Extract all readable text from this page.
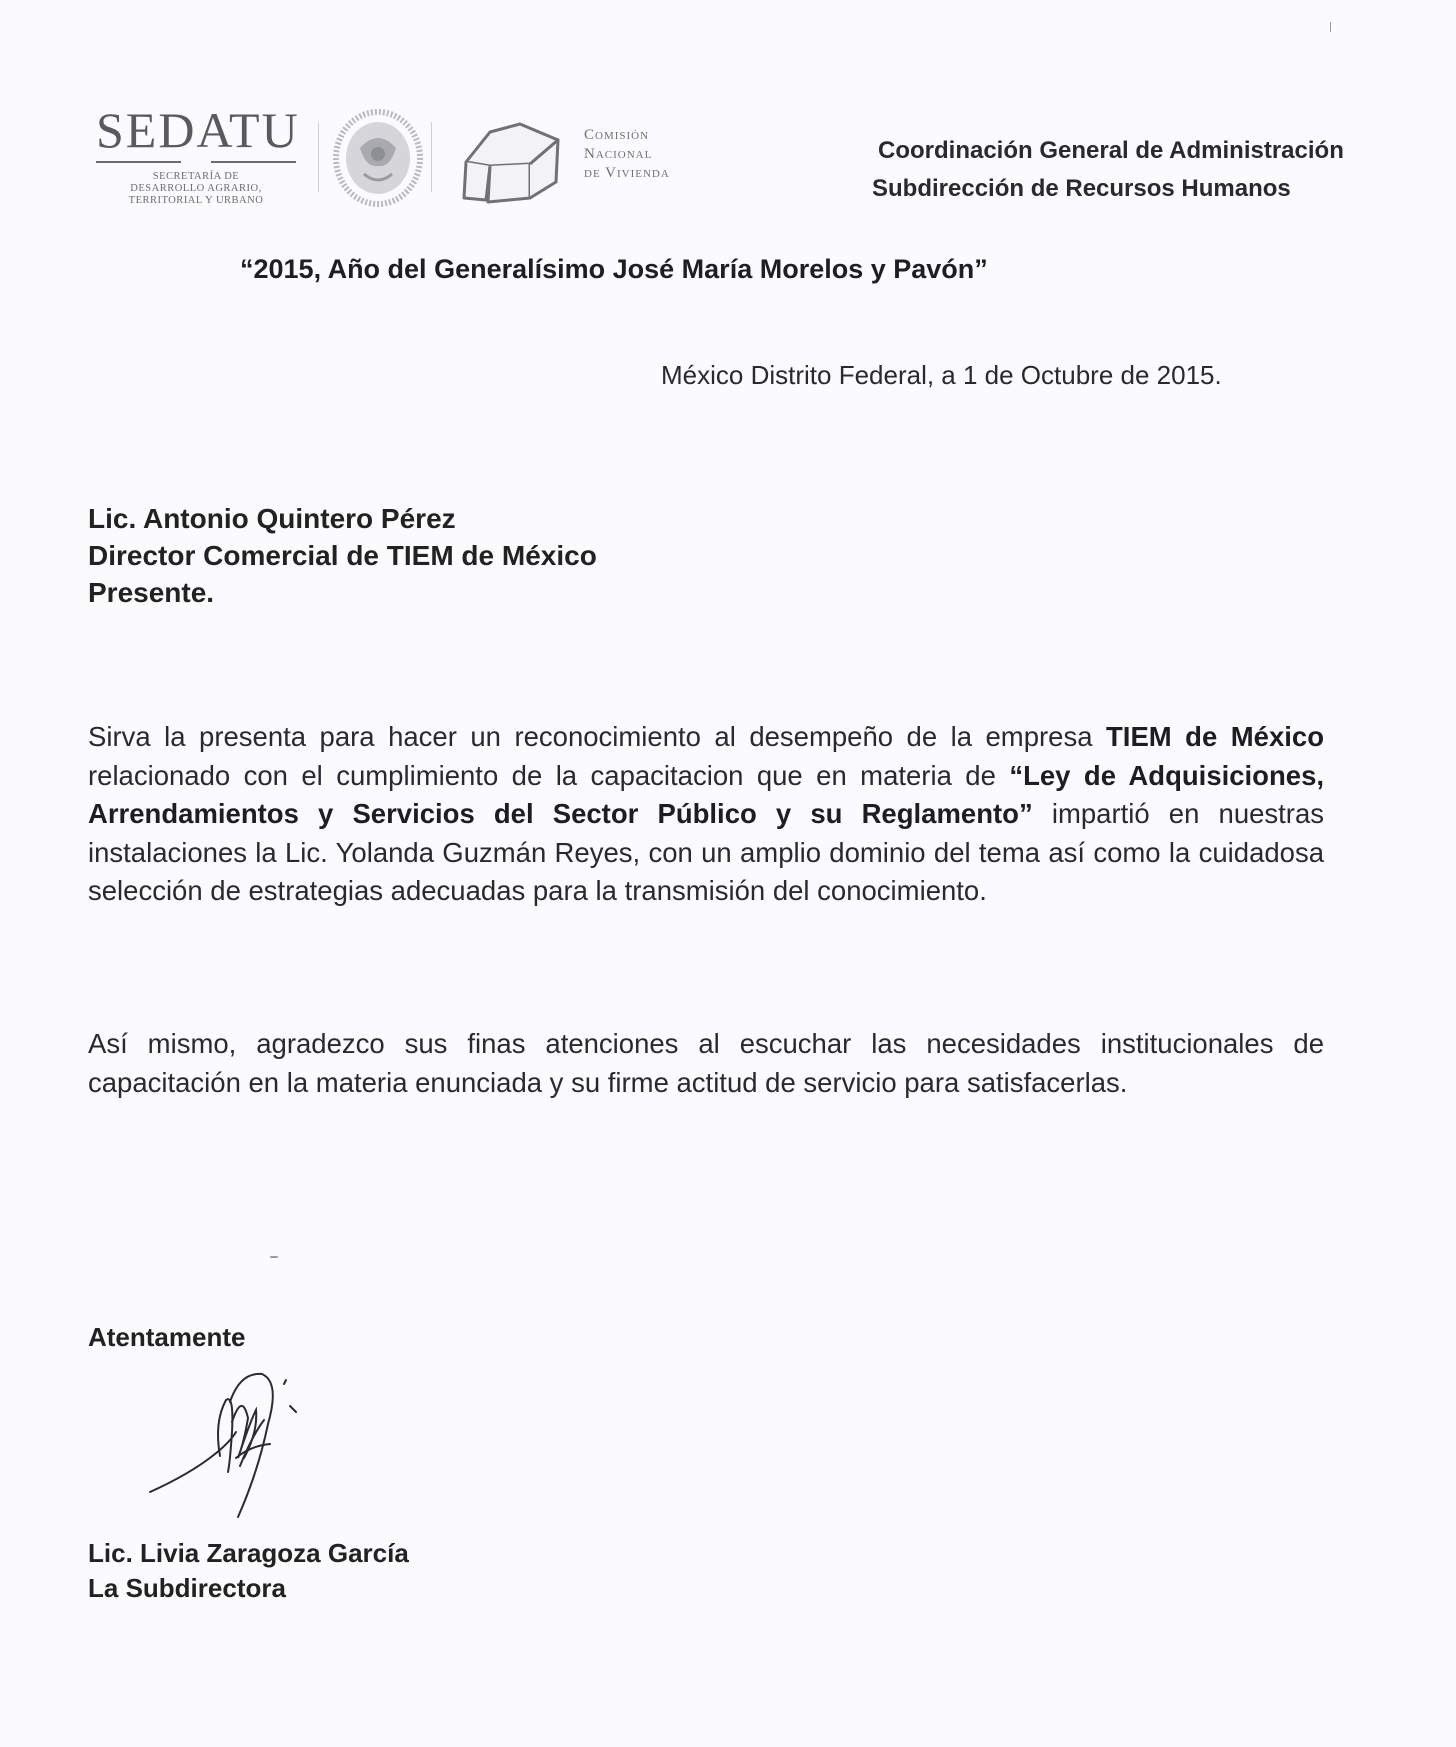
SEDATU
SECRETARÍA DE
DESARROLLO AGRARIO,
TERRITORIAL Y URBANO
Comisión
Nacional
de Vivienda
Coordinación General de Administración
Subdirección de Recursos Humanos
“2015, Año del Generalísimo José María Morelos y Pavón”
México Distrito Federal, a 1 de Octubre de 2015.
Lic. Antonio Quintero Pérez
Director Comercial de TIEM de México
Presente.
Sirva la presenta para hacer un reconocimiento al desempeño de la empresa TIEM de México relacionado con el cumplimiento de la capacitacion que en materia de “Ley de Adquisiciones, Arrendamientos y Servicios del Sector Público y su Reglamento” impartió en nuestras instalaciones la Lic. Yolanda Guzmán Reyes, con un amplio dominio del tema así como la cuidadosa selección de estrategias adecuadas para la transmisión del conocimiento.
Así mismo, agradezco sus finas atenciones al escuchar las necesidades institucionales de capacitación en la materia enunciada y su firme actitud de servicio para satisfacerlas.
Atentamente
Lic. Livia Zaragoza García
La Subdirectora
